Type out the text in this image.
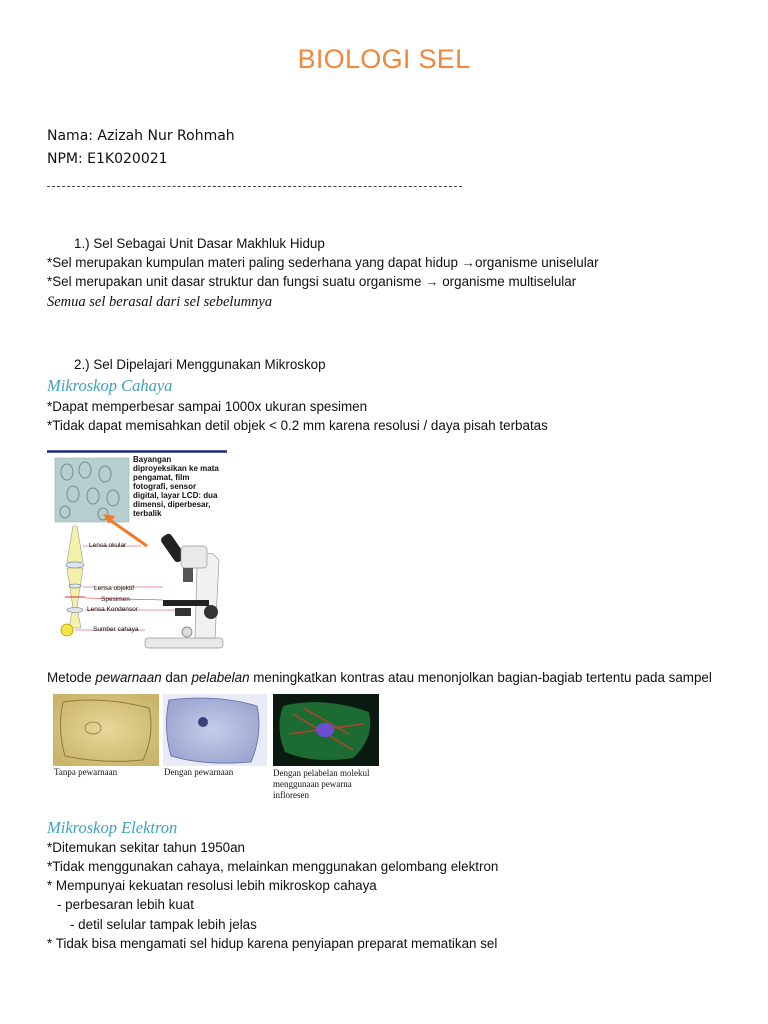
BIOLOGI SEL
Nama: Azizah Nur Rohmah
NPM: E1K020021
1.) Sel Sebagai Unit Dasar Makhluk Hidup
*Sel merupakan kumpulan materi paling sederhana yang dapat hidup →organisme uniselular
*Sel merupakan unit dasar struktur dan fungsi suatu organisme → organisme multiselular
Semua sel berasal dari sel sebelumnya
2.) Sel Dipelajari Menggunakan Mikroskop
Mikroskop Cahaya
*Dapat memperbesar sampai 1000x ukuran spesimen
*Tidak dapat memisahkan detil objek < 0.2 mm karena resolusi / daya pisah terbatas
Bayangan
diproyeksikan ke mata
pengamat, film
fotografi, sensor
digital, layar LCD: dua
dimensi, diperbesar,
terbalik
Lensa okular
Lensa objektif
Spesimen
Lensa Kondensor
Sumber cahaya
Metode pewarnaan dan pelabelan meningkatkan kontras atau menonjolkan bagian-bagiab tertentu pada sampel
Tanpa pewarnaan	Dengan pewarnaan	Dengan pelabelan molekul
menggunaan pewarna
infloresen
Mikroskop Elektron
*Ditemukan sekitar tahun 1950an
*Tidak menggunakan cahaya, melainkan menggunakan gelombang elektron
* Mempunyai kekuatan resolusi lebih mikroskop cahaya
- perbesaran lebih kuat
- detil selular tampak lebih jelas
* Tidak bisa mengamati sel hidup karena penyiapan preparat mematikan sel
